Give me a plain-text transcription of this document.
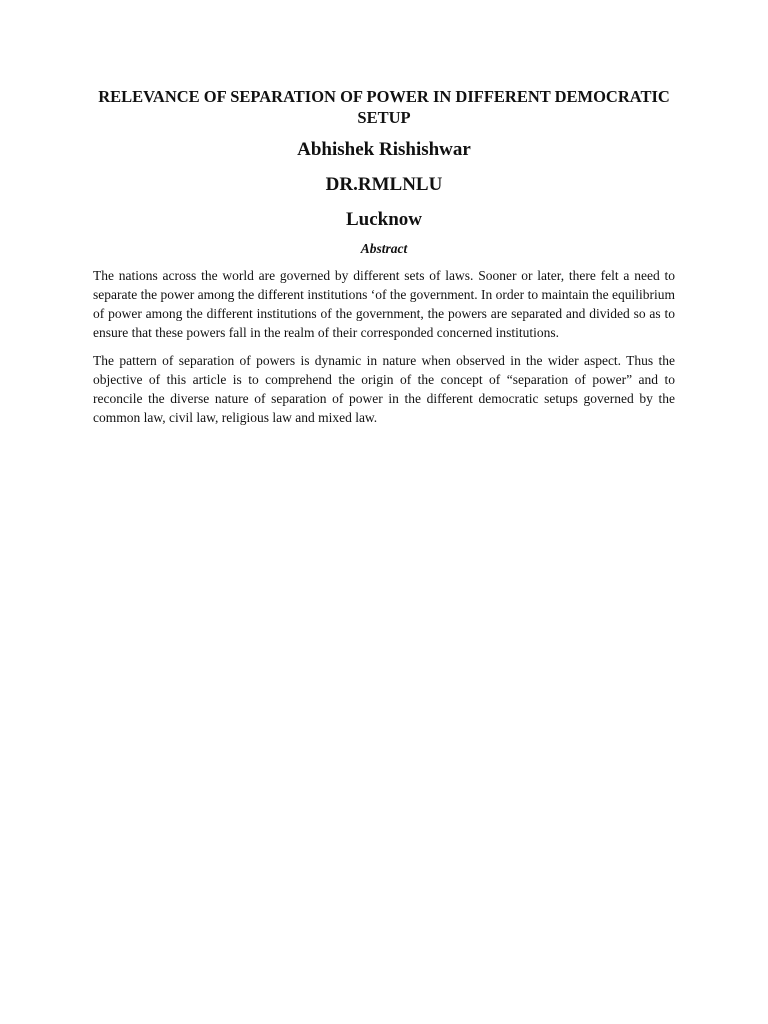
RELEVANCE OF SEPARATION OF POWER IN DIFFERENT DEMOCRATIC SETUP

Abhishek Rishishwar

DR.RMLNLU

Lucknow

Abstract

The nations across the world are governed by different sets of laws. Sooner or later, there felt a need to separate the power among the different institutions ‘of the government. In order to maintain the equilibrium of power among the different institutions of the government, the powers are separated and divided so as to ensure that these powers fall in the realm of their corresponded concerned institutions.

The pattern of separation of powers is dynamic in nature when observed in the wider aspect. Thus the objective of this article is to comprehend the origin of the concept of “separation of power” and to reconcile the diverse nature of separation of power in the different democratic setups governed by the common law, civil law, religious law and mixed law.
